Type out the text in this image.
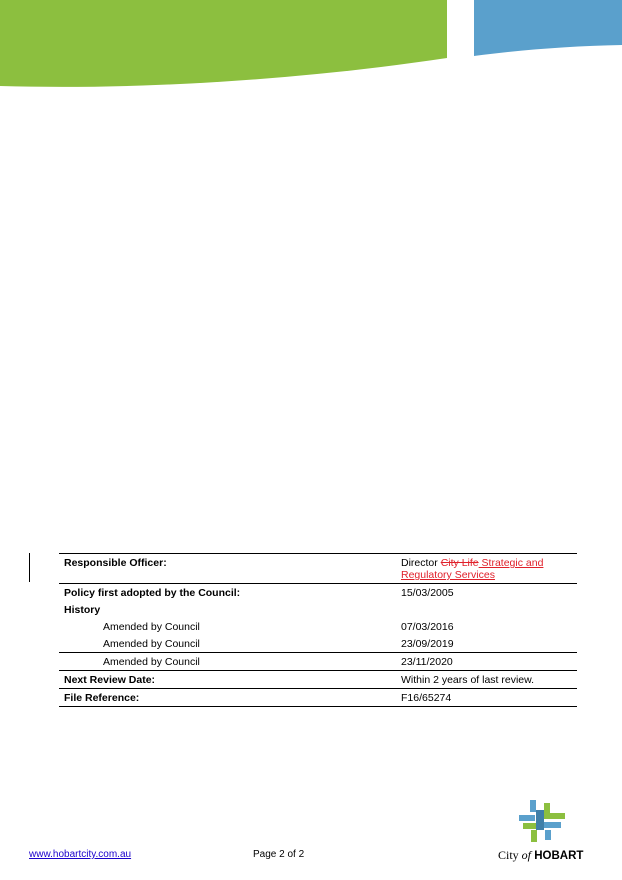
Responsible Officer:	Director City Life Strategic and Regulatory Services
Policy first adopted by the Council:	15/03/2005
History	
Amended by Council	07/03/2016
Amended by Council	23/09/2019
Amended by Council	23/11/2020
Next Review Date:	Within 2 years of last review.
File Reference:	F16/65274
www.hobartcity.com.au	Page 2 of 2	City of HOBART
